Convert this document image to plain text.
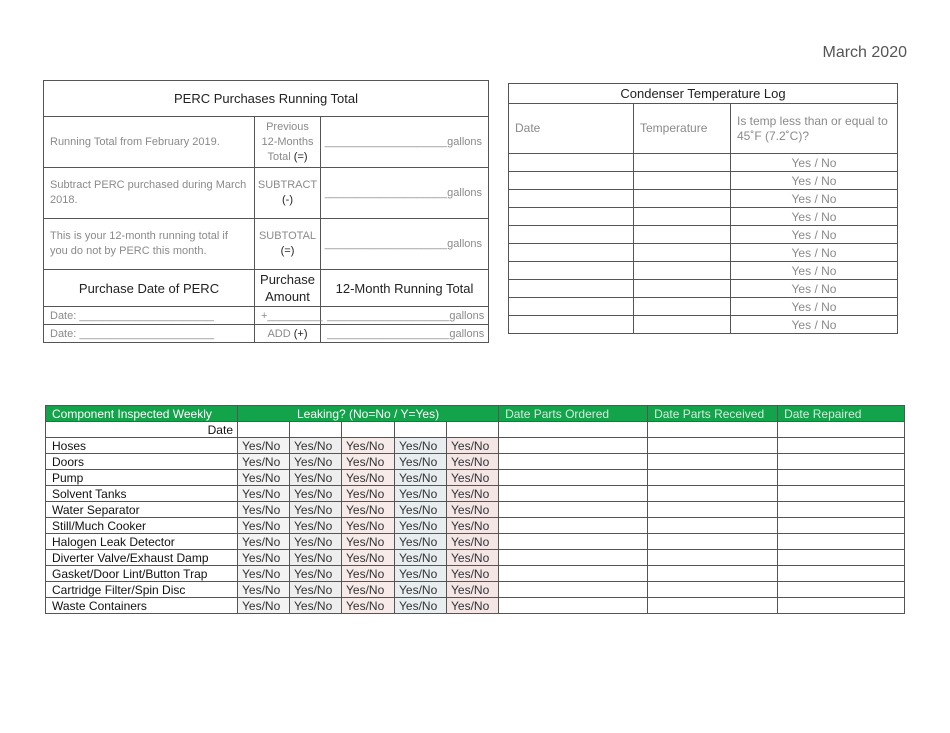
March 2020
PERC Purchases Running Total		
Running Total from February 2019.	Previous
12-Months
Total (=)	____________________gallons
Subtract PERC purchased during March 2018.	SUBTRACT
(-)	____________________gallons
This is your 12-month running total if you do not by PERC this month.	SUBTOTAL
(=)	____________________gallons
Purchase Date of PERC	Purchase Amount	12-Month Running Total
Date: ______________________	+_________	____________________gallons
Date: ______________________	ADD (+)	____________________gallons
Condenser Temperature Log		
Date	Temperature	Is temp less than or equal to 45˚F (7.2˚C)?
		Yes / No
		Yes / No
		Yes / No
		Yes / No
		Yes / No
		Yes / No
		Yes / No
		Yes / No
		Yes / No
		Yes / No
Component Inspected Weekly	Leaking? (No=No / Y=Yes)					Date Parts Ordered	Date Parts Received	Date Repaired
Date								
Hoses	Yes/No	Yes/No	Yes/No	Yes/No	Yes/No			
Doors	Yes/No	Yes/No	Yes/No	Yes/No	Yes/No			
Pump	Yes/No	Yes/No	Yes/No	Yes/No	Yes/No			
Solvent Tanks	Yes/No	Yes/No	Yes/No	Yes/No	Yes/No			
Water Separator	Yes/No	Yes/No	Yes/No	Yes/No	Yes/No			
Still/Much Cooker	Yes/No	Yes/No	Yes/No	Yes/No	Yes/No			
Halogen Leak Detector	Yes/No	Yes/No	Yes/No	Yes/No	Yes/No			
Diverter Valve/Exhaust Damp	Yes/No	Yes/No	Yes/No	Yes/No	Yes/No			
Gasket/Door Lint/Button Trap	Yes/No	Yes/No	Yes/No	Yes/No	Yes/No			
Cartridge Filter/Spin Disc	Yes/No	Yes/No	Yes/No	Yes/No	Yes/No			
Waste Containers	Yes/No	Yes/No	Yes/No	Yes/No	Yes/No			
